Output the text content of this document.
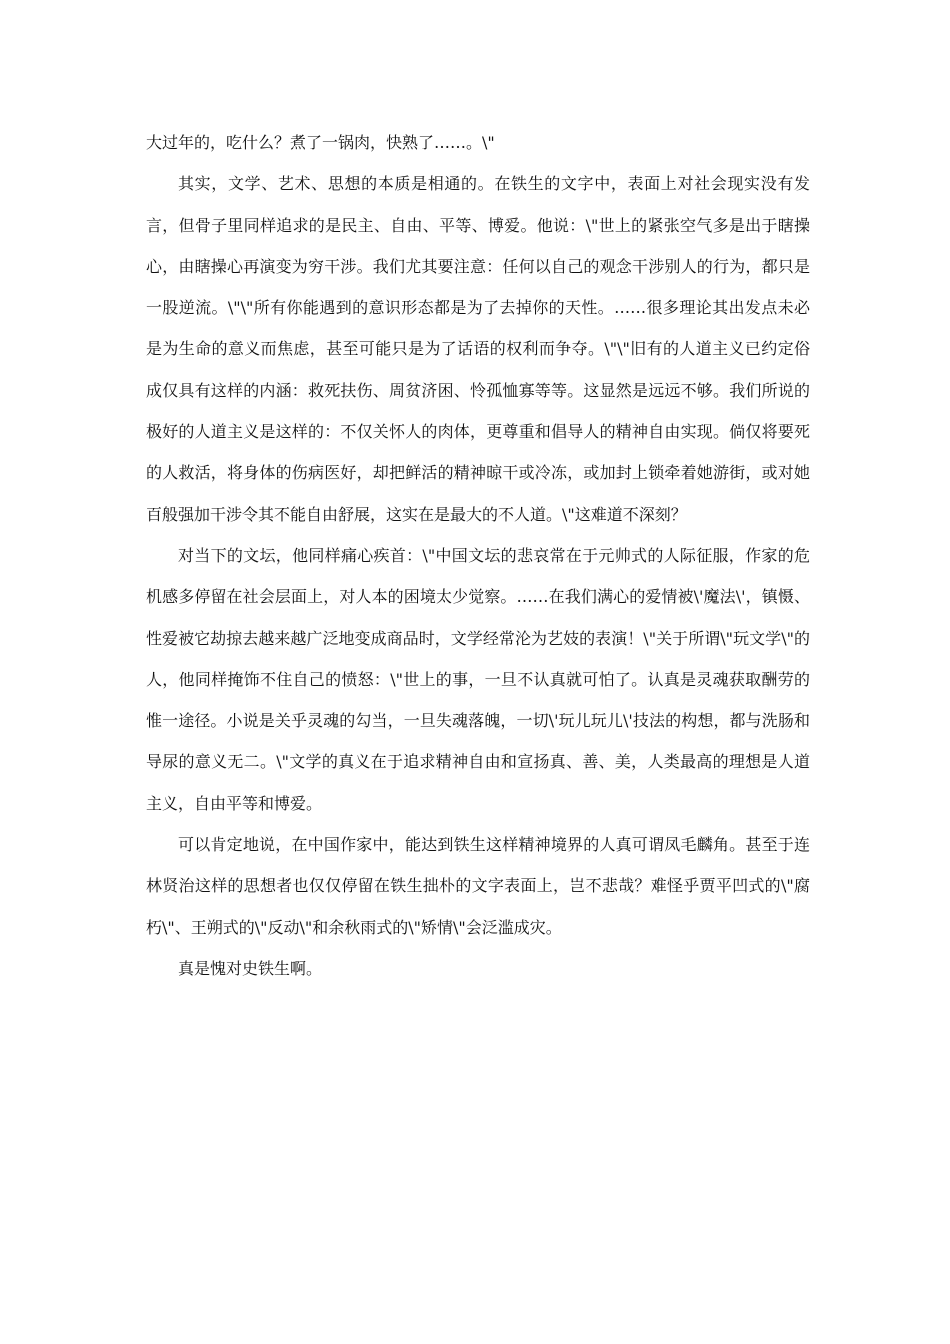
大过年的，吃什么？煮了一锅肉，快熟了……。\"

其实，文学、艺术、思想的本质是相通的。在铁生的文字中，表面上对社会现实没有发言，但骨子里同样追求的是民主、自由、平等、博爱。他说：\"世上的紧张空气多是出于瞎操心，由瞎操心再演变为穷干涉。我们尤其要注意：任何以自己的观念干涉别人的行为，都只是一股逆流。\"\"所有你能遇到的意识形态都是为了去掉你的天性。……很多理论其出发点未必是为生命的意义而焦虑，甚至可能只是为了话语的权利而争夺。\"\"旧有的人道主义已约定俗成仅具有这样的内涵：救死扶伤、周贫济困、怜孤恤寡等等。这显然是远远不够。我们所说的极好的人道主义是这样的：不仅关怀人的肉体，更尊重和倡导人的精神自由实现。倘仅将要死的人救活，将身体的伤病医好，却把鲜活的精神晾干或冷冻，或加封上锁牵着她游街，或对她百般强加干涉令其不能自由舒展，这实在是最大的不人道。\"这难道不深刻？

对当下的文坛，他同样痛心疾首：\"中国文坛的悲哀常在于元帅式的人际征服，作家的危机感多停留在社会层面上，对人本的困境太少觉察。……在我们满心的爱情被\'魔法\'，镇慑、性爱被它劫掠去越来越广泛地变成商品时，文学经常沦为艺妓的表演！\"关于所谓\"玩文学\"的人，他同样掩饰不住自己的愤怒：\"世上的事，一旦不认真就可怕了。认真是灵魂获取酬劳的惟一途径。小说是关乎灵魂的勾当，一旦失魂落魄，一切\'玩儿玩儿\'技法的构想，都与洗肠和导尿的意义无二。\"文学的真义在于追求精神自由和宣扬真、善、美，人类最高的理想是人道主义，自由平等和博爱。

可以肯定地说，在中国作家中，能达到铁生这样精神境界的人真可谓凤毛麟角。甚至于连林贤治这样的思想者也仅仅停留在铁生拙朴的文字表面上，岂不悲哉？难怪乎贾平凹式的\"腐朽\"、王朔式的\"反动\"和余秋雨式的\"矫情\"会泛滥成灾。

真是愧对史铁生啊。
